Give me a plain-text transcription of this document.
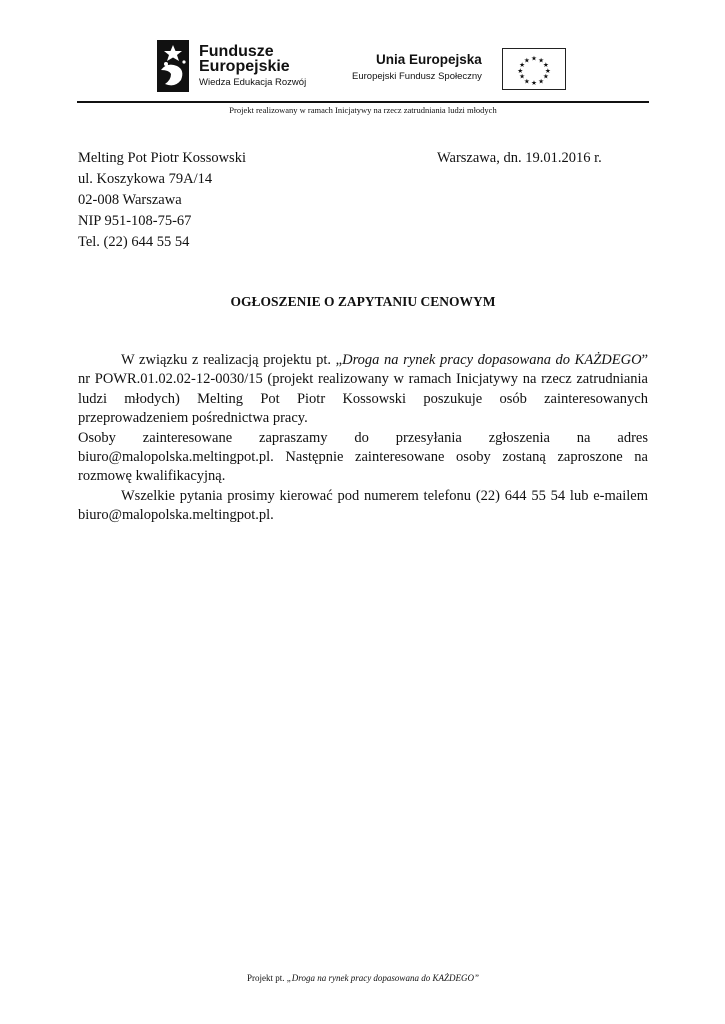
Fundusze
Europejskie
Wiedza Edukacja Rozwój
Unia Europejska
Europejski Fundusz Społeczny
★ ★
★
★
★
★
★
★
★
★
★
★
Projekt realizowany w ramach Inicjatywy na rzecz zatrudniania ludzi młodych
Melting Pot Piotr Kossowski
ul. Koszykowa 79A/14
02-008 Warszawa
NIP 951-108-75-67
Tel. (22) 644 55 54
Warszawa, dn. 19.01.2016 r.
OGŁOSZENIE O ZAPYTANIU CENOWYM

W związku z realizacją projektu pt. „Droga na rynek pracy dopasowana do KAŻDEGO” nr POWR.01.02.02-12-0030/15 (projekt realizowany w ramach Inicjatywy na rzecz zatrudniania ludzi młodych) Melting Pot Piotr Kossowski poszukuje osób zainteresowanych przeprowadzeniem pośrednictwa pracy.

Osoby zainteresowane zapraszamy do przesyłania zgłoszenia na adres biuro@malopolska.meltingpot.pl. Następnie zainteresowane osoby zostaną zaproszone na rozmowę kwalifikacyjną.

Wszelkie pytania prosimy kierować pod numerem telefonu (22) 644 55 54 lub e-mailem biuro@malopolska.meltingpot.pl.

Projekt pt. „Droga na rynek pracy dopasowana do KAŻDEGO”
